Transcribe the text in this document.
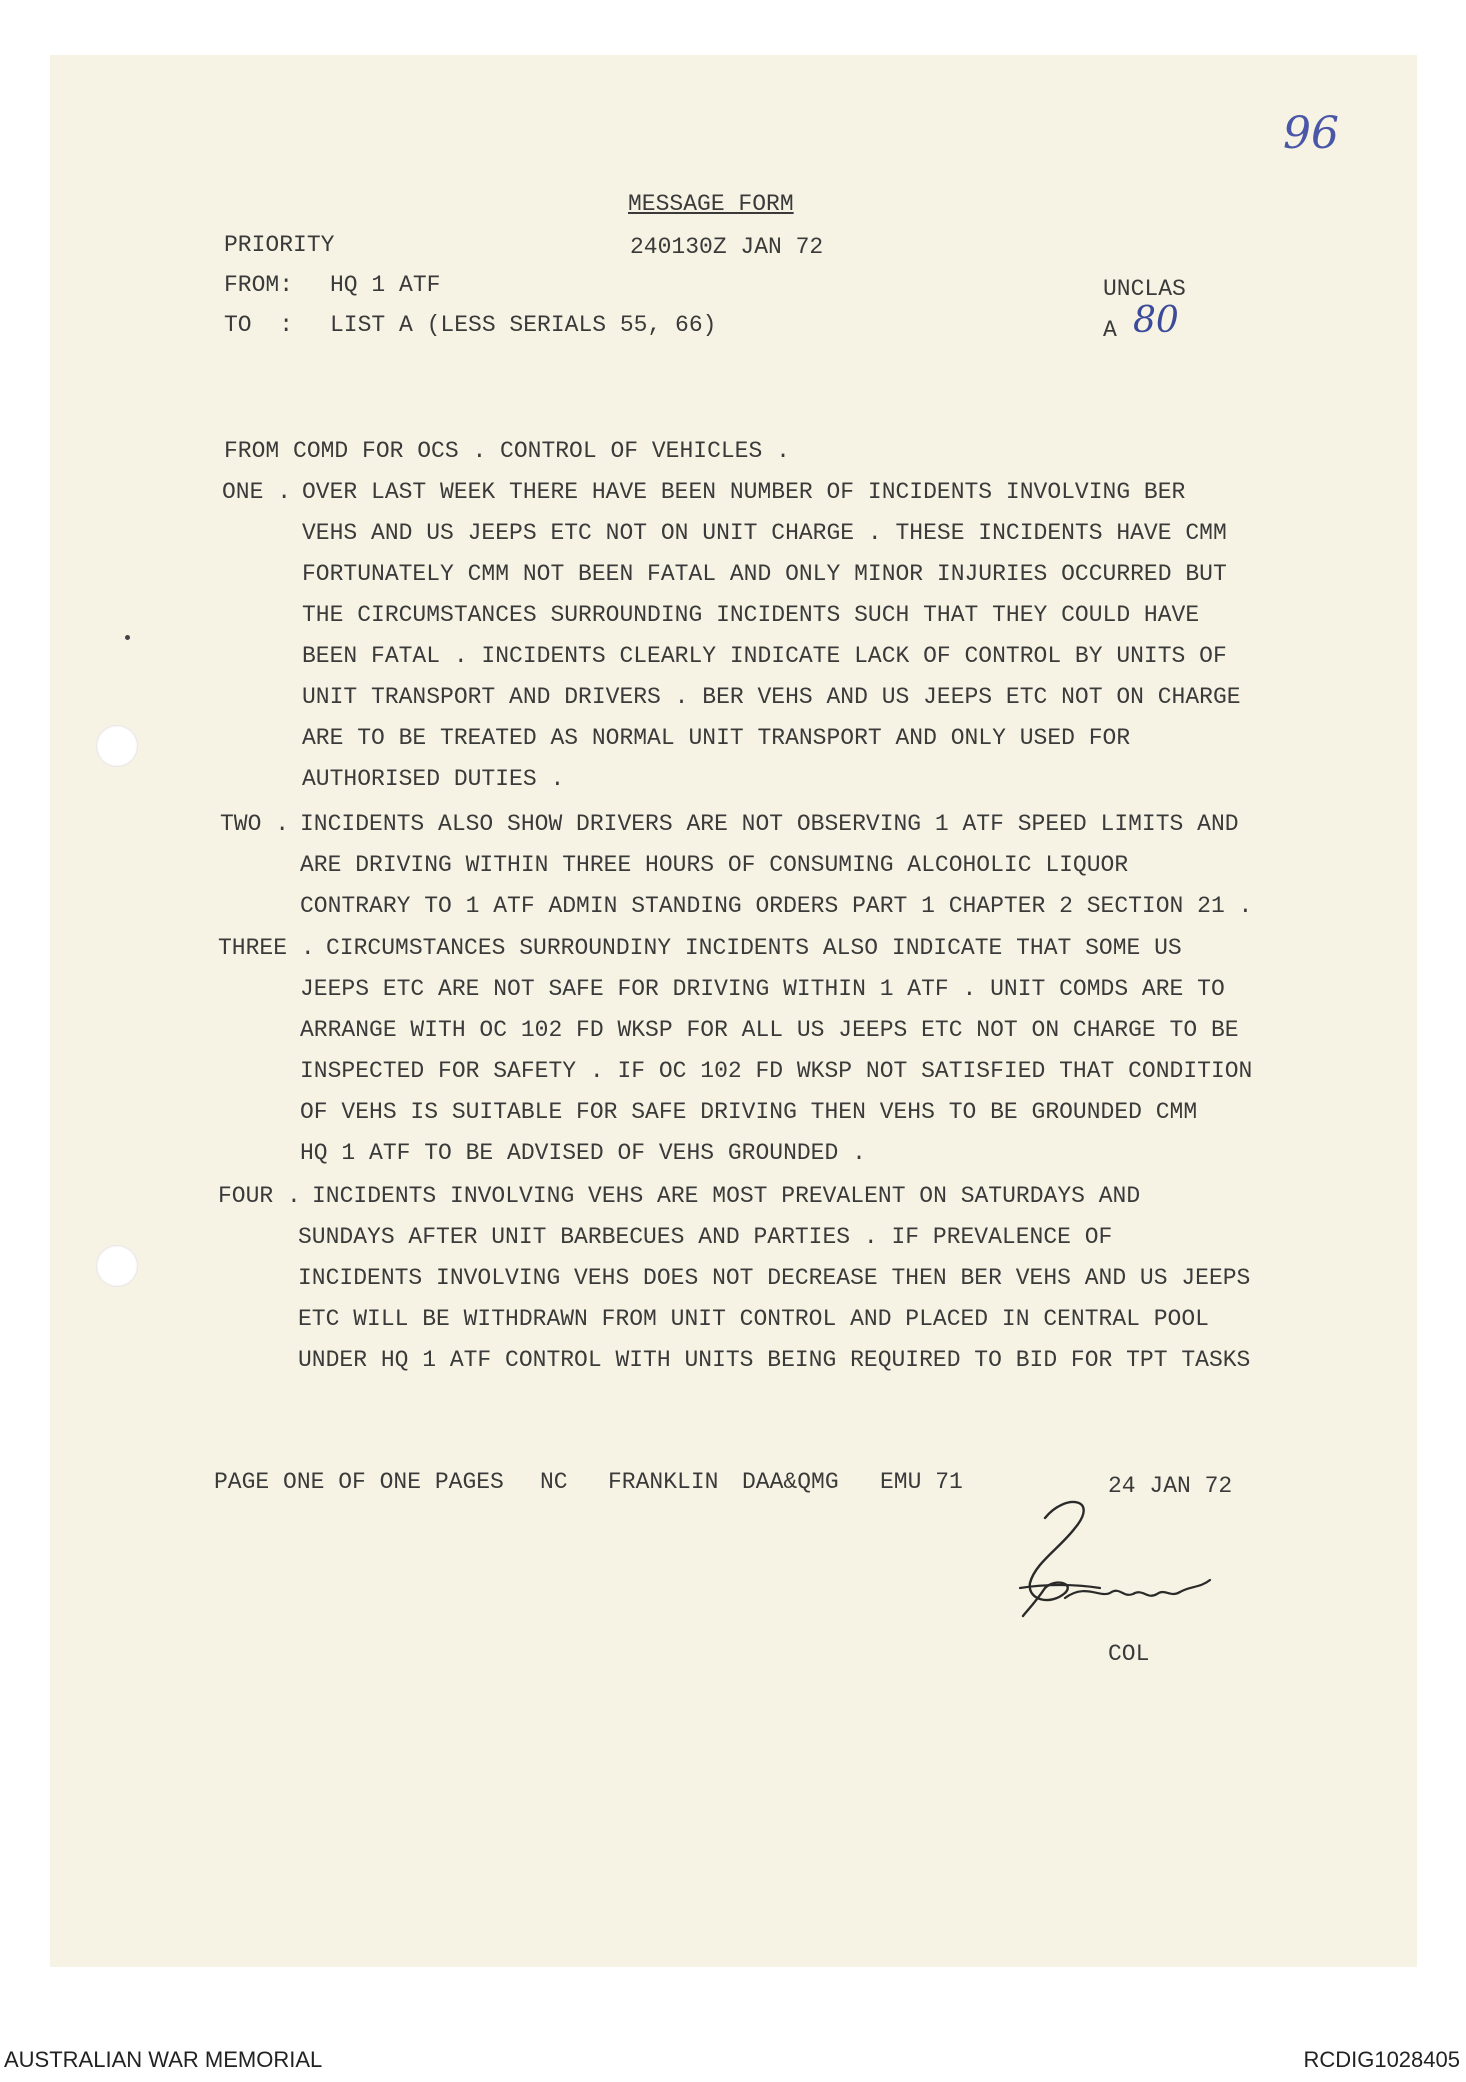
96
MESSAGE FORM
PRIORITY	240130Z JAN 72
FROM: HQ 1 ATF	UNCLAS
TO  : LIST A (LESS SERIALS 55, 66)	A 80
FROM COMD FOR OCS . CONTROL OF VEHICLES .
ONE . OVER LAST WEEK THERE HAVE BEEN NUMBER OF INCIDENTS INVOLVING BER
VEHS AND US JEEPS ETC NOT ON UNIT CHARGE . THESE INCIDENTS HAVE CMM
FORTUNATELY CMM NOT BEEN FATAL AND ONLY MINOR INJURIES OCCURRED BUT
THE CIRCUMSTANCES SURROUNDING INCIDENTS SUCH THAT THEY COULD HAVE
BEEN FATAL . INCIDENTS CLEARLY INDICATE LACK OF CONTROL BY UNITS OF
UNIT TRANSPORT AND DRIVERS . BER VEHS AND US JEEPS ETC NOT ON CHARGE
ARE TO BE TREATED AS NORMAL UNIT TRANSPORT AND ONLY USED FOR
AUTHORISED DUTIES .
TWO . INCIDENTS ALSO SHOW DRIVERS ARE NOT OBSERVING 1 ATF SPEED LIMITS AND
ARE DRIVING WITHIN THREE HOURS OF CONSUMING ALCOHOLIC LIQUOR
CONTRARY TO 1 ATF ADMIN STANDING ORDERS PART 1 CHAPTER 2 SECTION 21 .
THREE . CIRCUMSTANCES SURROUNDINY INCIDENTS ALSO INDICATE THAT SOME US
JEEPS ETC ARE NOT SAFE FOR DRIVING WITHIN 1 ATF . UNIT COMDS ARE TO
ARRANGE WITH OC 102 FD WKSP FOR ALL US JEEPS ETC NOT ON CHARGE TO BE
INSPECTED FOR SAFETY . IF OC 102 FD WKSP NOT SATISFIED THAT CONDITION
OF VEHS IS SUITABLE FOR SAFE DRIVING THEN VEHS TO BE GROUNDED CMM
HQ 1 ATF TO BE ADVISED OF VEHS GROUNDED .
FOUR . INCIDENTS INVOLVING VEHS ARE MOST PREVALENT ON SATURDAYS AND
SUNDAYS AFTER UNIT BARBECUES AND PARTIES . IF PREVALENCE OF
INCIDENTS INVOLVING VEHS DOES NOT DECREASE THEN BER VEHS AND US JEEPS
ETC WILL BE WITHDRAWN FROM UNIT CONTROL AND PLACED IN CENTRAL POOL
UNDER HQ 1 ATF CONTROL WITH UNITS BEING REQUIRED TO BID FOR TPT TASKS
PAGE ONE OF ONE PAGES NC FRANKLIN DAA&QMG EMU 71	24 JAN 72
COL
AUSTRALIAN WAR MEMORIAL	RCDIG1028405
